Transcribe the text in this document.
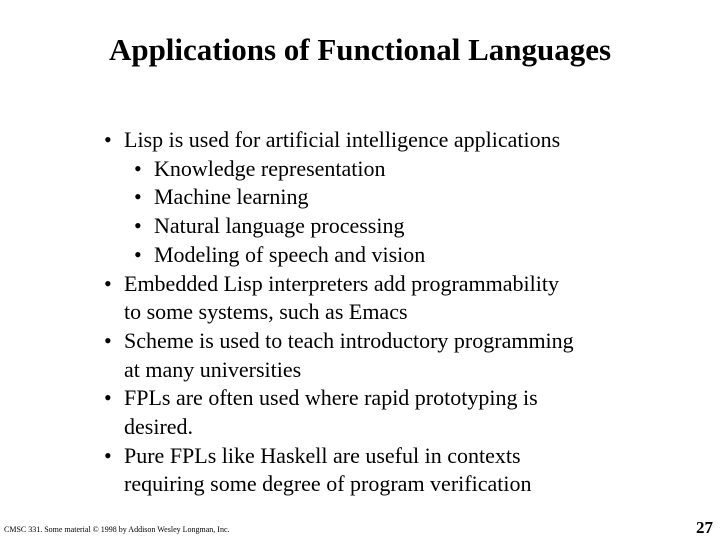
Applications of Functional Languages
• Lisp is used for artificial intelligence applications
• Knowledge representation
• Machine learning
• Natural language processing
• Modeling of speech and vision
• Embedded Lisp interpreters add programmability
to some systems, such as Emacs
• Scheme is used to teach introductory programming
at many universities
• FPLs are often used where rapid prototyping is
desired.
• Pure FPLs like Haskell are useful in contexts
requiring some degree of program verification
CMSC 331. Some material © 1998 by Addison Wesley Longman, Inc.	27
